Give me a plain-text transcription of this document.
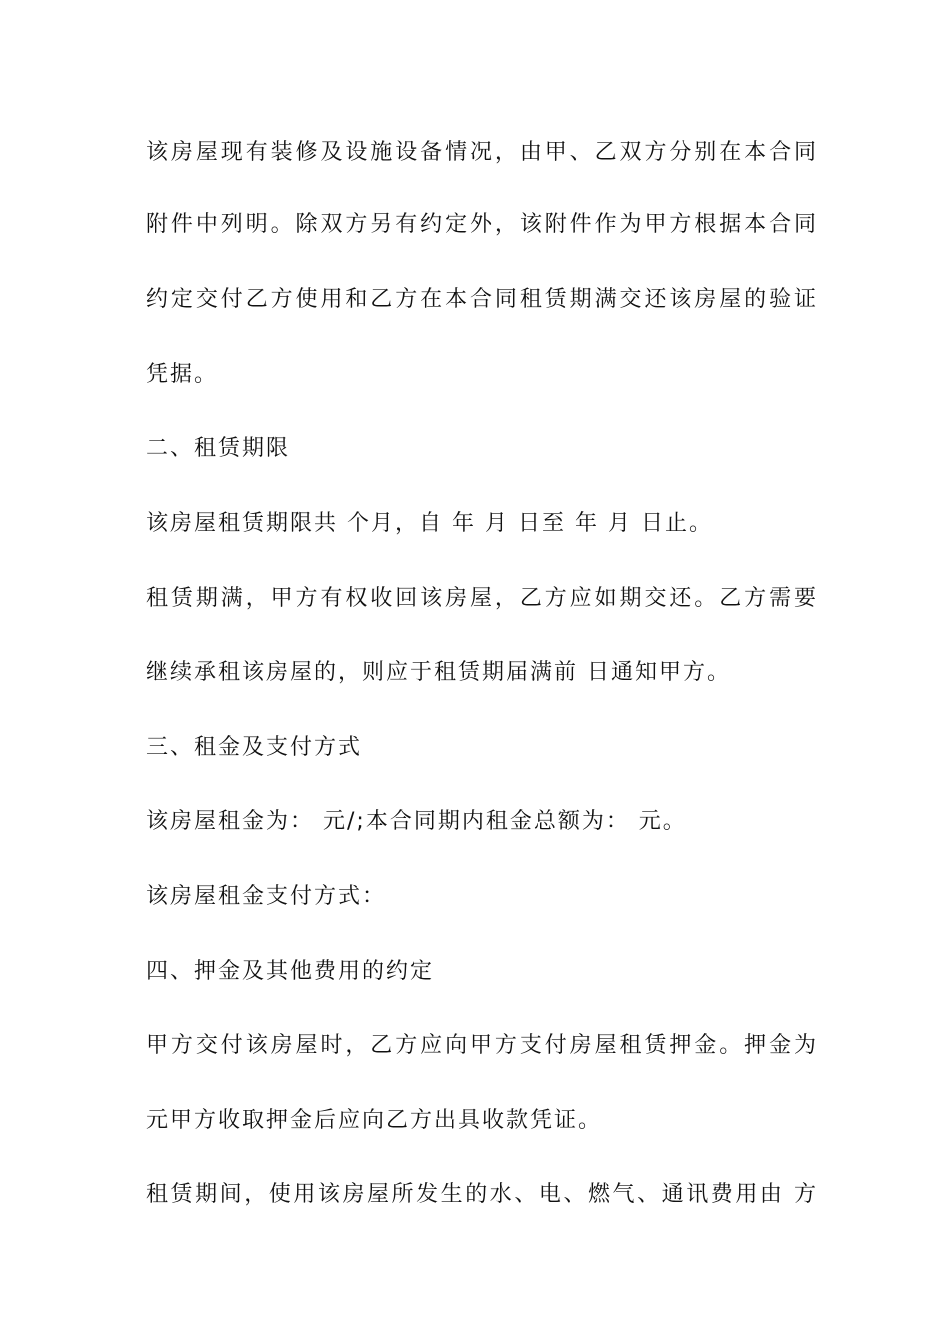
该房屋现有装修及设施设备情况，由甲、乙双方分别在本合同
附件中列明。除双方另有约定外，该附件作为甲方根据本合同
约定交付乙方使用和乙方在本合同租赁期满交还该房屋的验证
凭据。
二、租赁期限
该房屋租赁期限共 个月，自 年 月 日至 年 月 日止。
租赁期满，甲方有权收回该房屋，乙方应如期交还。乙方需要
继续承租该房屋的，则应于租赁期届满前 日通知甲方。
三、租金及支付方式
该房屋租金为： 元/;本合同期内租金总额为： 元。
该房屋租金支付方式：
四、押金及其他费用的约定
甲方交付该房屋时，乙方应向甲方支付房屋租赁押金。押金为
元甲方收取押金后应向乙方出具收款凭证。
租赁期间，使用该房屋所发生的水、电、燃气、通讯费用由 方
